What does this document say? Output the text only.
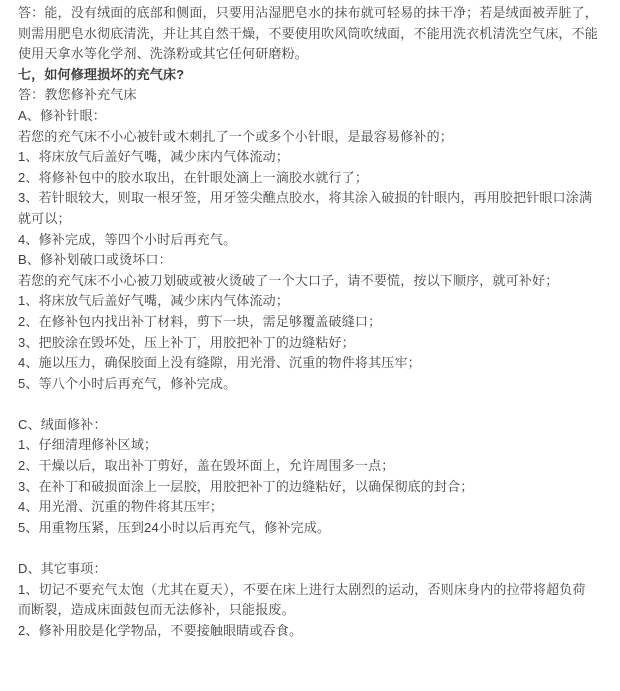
答：能，没有绒面的底部和侧面，只要用沾湿肥皂水的抹布就可轻易的抹干净；若是绒面被弄脏了，
则需用肥皂水彻底清洗，并让其自然干燥，不要使用吹风筒吹绒面，不能用洗衣机清洗空气床，不能
使用天拿水等化学剂、洗涤粉或其它任何研磨粉。
七，如何修理损坏的充气床?
答：教您修补充气床
A、修补针眼：
若您的充气床不小心被针或木刺扎了一个或多个小针眼，是最容易修补的；
1、将床放气后盖好气嘴，减少床内气体流动；
2、将修补包中的胶水取出，在针眼处滴上一滴胶水就行了；
3、若针眼较大，则取一根牙签，用牙签尖醮点胶水，将其涂入破损的针眼内，再用胶把针眼口涂满
就可以；
4、修补完成，等四个小时后再充气。
B、修补划破口或烫坏口：
若您的充气床不小心被刀划破或被火烫破了一个大口子，请不要慌，按以下顺序，就可补好；
1、将床放气后盖好气嘴，减少床内气体流动；
2、在修补包内找出补丁材料，剪下一块，需足够覆盖破缝口；
3、把胶涂在毁坏处，压上补丁，用胶把补丁的边缝粘好；
4、施以压力，确保胶面上没有缝隙，用光滑、沉重的物件将其压牢；
5、等八个小时后再充气，修补完成。
C、绒面修补：
1、仔细清理修补区域；
2、干燥以后，取出补丁剪好，盖在毁坏面上，允许周围多一点；
3、在补丁和破损面涂上一层胶，用胶把补丁的边缝粘好，以确保彻底的封合；
4、用光滑、沉重的物件将其压牢；
5、用重物压紧，压到24小时以后再充气，修补完成。
D、其它事项：
1、切记不要充气太饱（尤其在夏天），不要在床上进行太剧烈的运动，否则床身内的拉带将超负荷
而断裂，造成床面鼓包而无法修补，只能报废。
2、修补用胶是化学物品，不要接触眼睛或吞食。
